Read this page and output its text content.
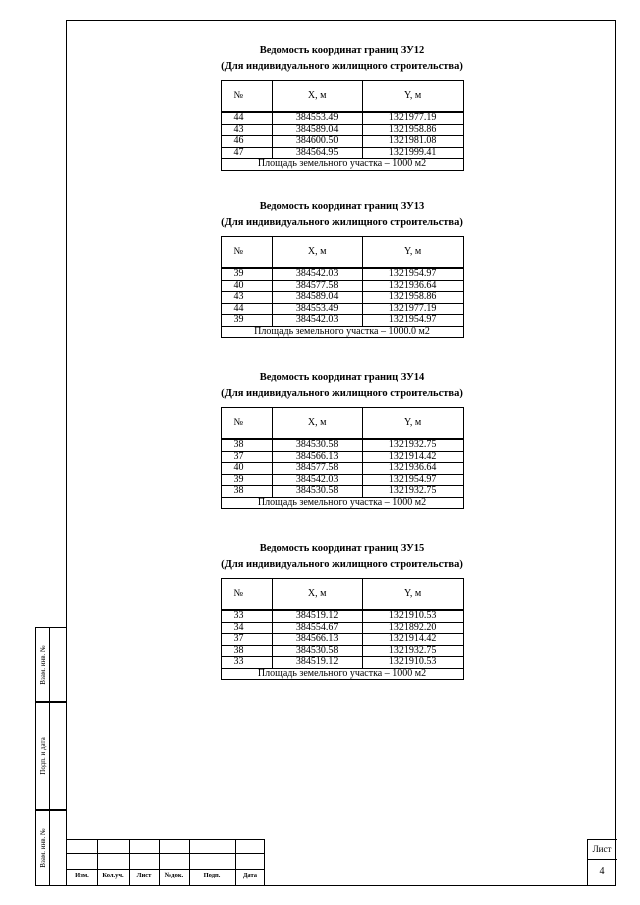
Взам. инв. №
Подп. и дата
Взам. инв. №
Ведомость координат границ ЗУ12
(Для индивидуального жилищного строительства)
№	X, м	Y, м
44	384553.49	1321977.19
43	384589.04	1321958.86
46	384600.50	1321981.08
47	384564.95	1321999.41
Площадь земельного участка – 1000 м2		
Ведомость координат границ ЗУ13
(Для индивидуального жилищного строительства)
№	X, м	Y, м
39	384542.03	1321954.97
40	384577.58	1321936.64
43	384589.04	1321958.86
44	384553.49	1321977.19
39	384542.03	1321954.97
Площадь земельного участка – 1000.0 м2		
Ведомость координат границ ЗУ14
(Для индивидуального жилищного строительства)
№	X, м	Y, м
38	384530.58	1321932.75
37	384566.13	1321914.42
40	384577.58	1321936.64
39	384542.03	1321954.97
38	384530.58	1321932.75
Площадь земельного участка – 1000 м2		
Ведомость координат границ ЗУ15
(Для индивидуального жилищного строительства)
№	X, м	Y, м
33	384519.12	1321910.53
34	384554.67	1321892.20
37	384566.13	1321914.42
38	384530.58	1321932.75
33	384519.12	1321910.53
Площадь земельного участка – 1000 м2		
Изм.	Кол.уч.	Лист	№док.	Подп.	Дата
Лист
4
